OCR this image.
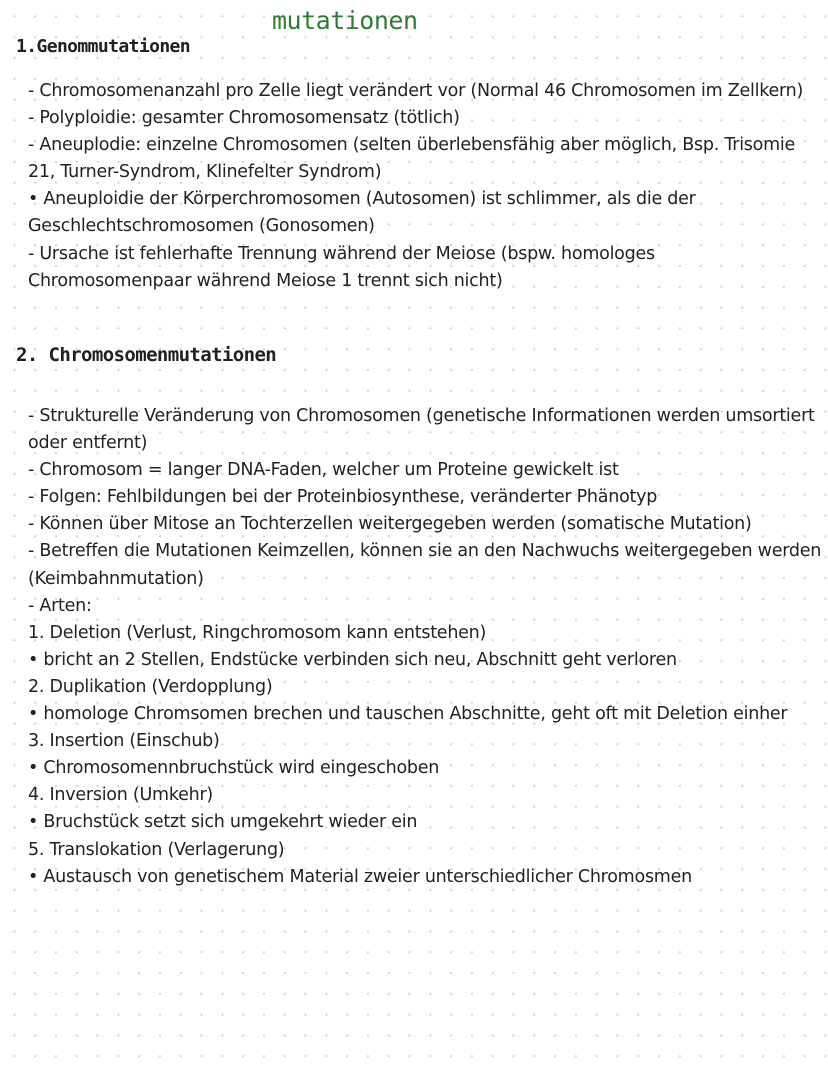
mutationen
1.Genommutationen

- Chromosomenanzahl pro Zelle liegt verändert vor (Normal 46 Chromosomen im Zellkern)

- Polyploidie: gesamter Chromosomensatz (tötlich)

- Aneuplodie: einzelne Chromosomen (selten überlebensfähig aber möglich, Bsp. Trisomie 21, Turner-Syndrom, Klinefelter Syndrom)

• Aneuploidie der Körperchromosomen (Autosomen) ist schlimmer, als die der Geschlechtschromosomen (Gonosomen)

- Ursache ist fehlerhafte Trennung während der Meiose (bspw. homologes Chromosomenpaar während Meiose 1 trennt sich nicht)

2. Chromosomenmutationen

- Strukturelle Veränderung von Chromosomen (genetische Informationen werden umsortiert oder entfernt)

- Chromosom = langer DNA-Faden, welcher um Proteine gewickelt ist

- Folgen: Fehlbildungen bei der Proteinbiosynthese, veränderter Phänotyp

- Können über Mitose an Tochterzellen weitergegeben werden (somatische Mutation)

- Betreffen die Mutationen Keimzellen, können sie an den Nachwuchs weitergegeben werden (Keimbahnmutation)

- Arten:

1. Deletion (Verlust, Ringchromosom kann entstehen)

• bricht an 2 Stellen, Endstücke verbinden sich neu, Abschnitt geht verloren

2. Duplikation (Verdopplung)

• homologe Chromsomen brechen und tauschen Abschnitte, geht oft mit Deletion einher

3. Insertion (Einschub)

• Chromosomennbruchstück wird eingeschoben

4. Inversion (Umkehr)

• Bruchstück setzt sich umgekehrt wieder ein

5. Translokation (Verlagerung)

• Austausch von genetischem Material zweier unterschiedlicher Chromosmen
